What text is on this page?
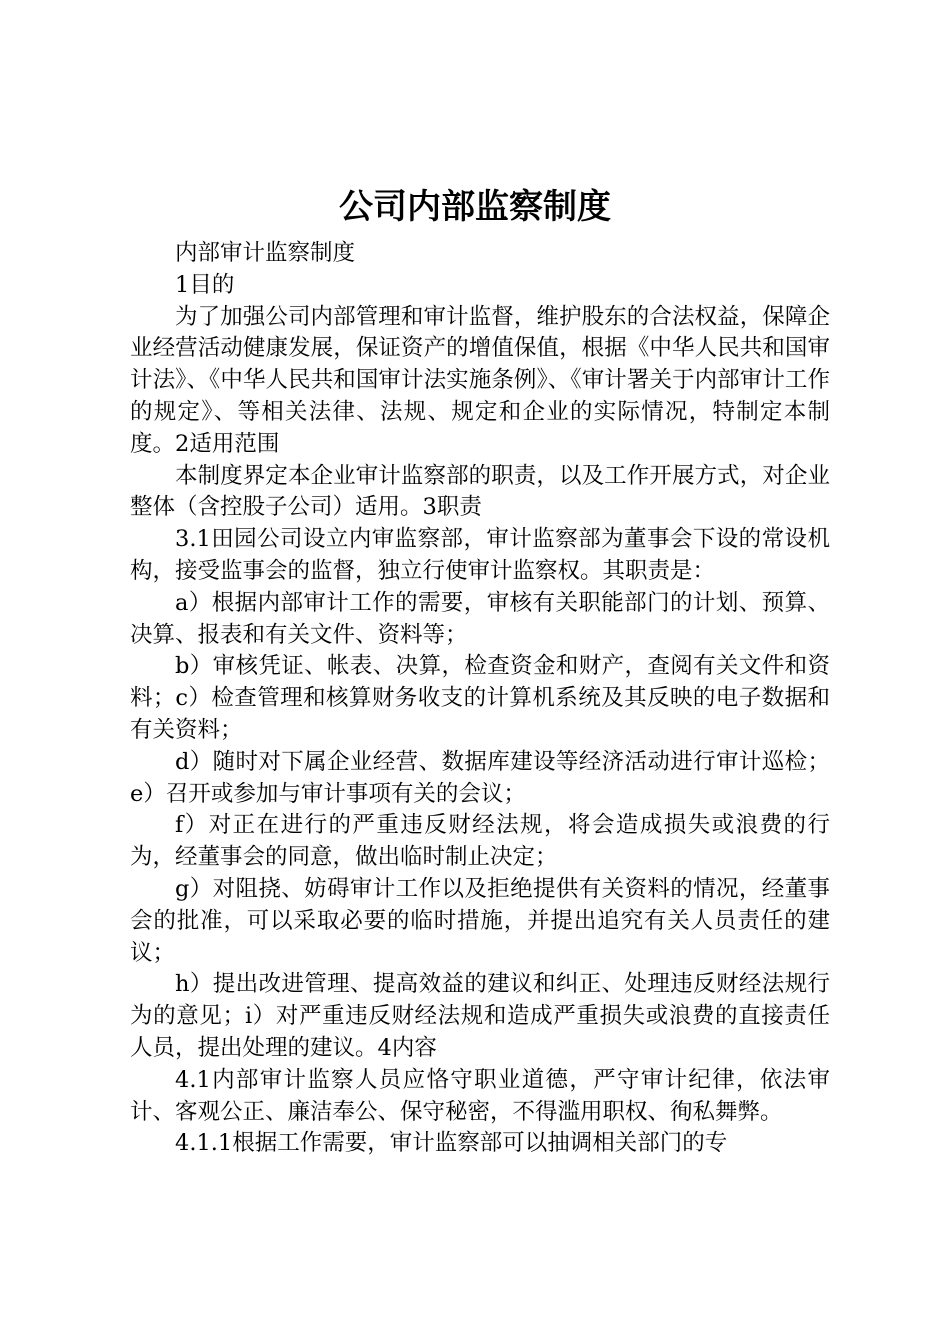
公司内部监察制度

内部审计监察制度

1目的

为了加强公司内部管理和审计监督，维护股东的合法权益，保障企业经营活动健康发展，保证资产的增值保值，根据《中华人民共和国审计法》、《中华人民共和国审计法实施条例》、《审计署关于内部审计工作的规定》、等相关法律、法规、规定和企业的实际情况，特制定本制度。2适用范围

本制度界定本企业审计监察部的职责，以及工作开展方式，对企业整体（含控股子公司）适用。3职责

3.1田园公司设立内审监察部，审计监察部为董事会下设的常设机构，接受监事会的监督，独立行使审计监察权。其职责是：

a）根据内部审计工作的需要，审核有关职能部门的计划、预算、决算、报表和有关文件、资料等；

b）审核凭证、帐表、决算，检查资金和财产，查阅有关文件和资料；c）检查管理和核算财务收支的计算机系统及其反映的电子数据和有关资料；

d）随时对下属企业经营、数据库建设等经济活动进行审计巡检；e）召开或参加与审计事项有关的会议；

f）对正在进行的严重违反财经法规，将会造成损失或浪费的行为，经董事会的同意，做出临时制止决定；

g）对阻挠、妨碍审计工作以及拒绝提供有关资料的情况，经董事会的批准，可以采取必要的临时措施，并提出追究有关人员责任的建议；

h）提出改进管理、提高效益的建议和纠正、处理违反财经法规行为的意见；i）对严重违反财经法规和造成严重损失或浪费的直接责任人员，提出处理的建议。4内容

4.1内部审计监察人员应恪守职业道德，严守审计纪律，依法审计、客观公正、廉洁奉公、保守秘密，不得滥用职权、徇私舞弊。

4.1.1根据工作需要，审计监察部可以抽调相关部门的专
